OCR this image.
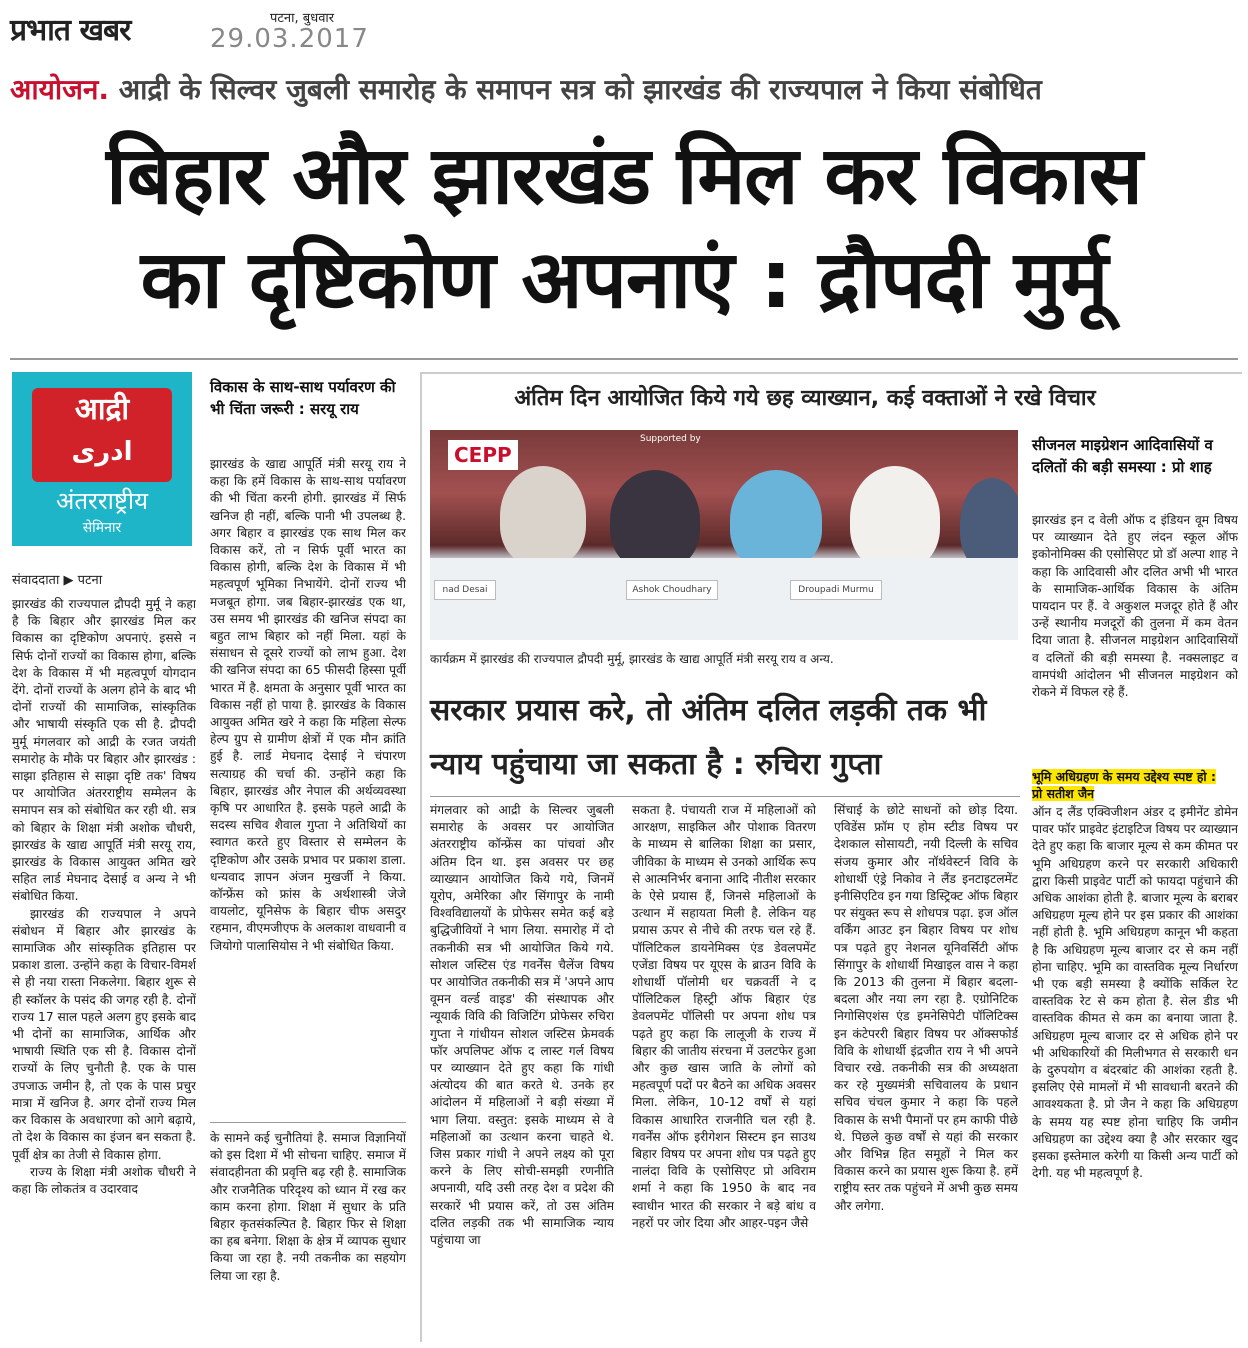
प्रभात खबर	पटना, बुधवार
29.03.2017
आयोजन. आद्री के सिल्वर जुबली समारोह के समापन सत्र को झारखंड की राज्यपाल ने किया संबोधित
बिहार और झारखंड मिल कर विकास
का दृष्टिकोण अपनाएं : द्रौपदी मुर्मू
आद्री
ادری
अंतरराष्ट्रीय
सेमिनार
संवाददाता ▶ पटना
झारखंड की राज्यपाल द्रौपदी मुर्मू ने कहा है कि बिहार और झारखंड मिल कर विकास का दृष्टिकोण अपनाएं. इससे न सिर्फ दोनों राज्यों का विकास होगा, बल्कि देश के विकास में भी महत्वपूर्ण योगदान देंगे. दोनों राज्यों के अलग होने के बाद भी दोनों राज्यों की सामाजिक, सांस्कृतिक और भाषायी संस्कृति एक सी है. द्रौपदी मुर्मू मंगलवार को आद्री के रजत जयंती समारोह के मौके पर बिहार और झारखंड : साझा इतिहास से साझा दृष्टि तक' विषय पर आयोजित अंतरराष्ट्रीय सम्मेलन के समापन सत्र को संबोधित कर रही थी. सत्र को बिहार के शिक्षा मंत्री अशोक चौधरी, झारखंड के खाद्य आपूर्ति मंत्री सरयू राय, झारखंड के विकास आयुक्त अमित खरे सहित लार्ड मेघनाद देसाई व अन्य ने भी संबोधित किया.
झारखंड की राज्यपाल ने अपने संबोधन में बिहार और झारखंड के सामाजिक और सांस्कृतिक इतिहास पर प्रकाश डाला. उन्होंने कहा के विचार-विमर्श से ही नया रास्ता निकलेगा. बिहार शुरू से ही स्कॉलर के पसंद की जगह रही है. दोनों राज्य 17 साल पहले अलग हुए इसके बाद भी दोनों का सामाजिक, आर्थिक और भाषायी स्थिति एक सी है. विकास दोनों राज्यों के लिए चुनौती है. एक के पास उपजाऊ जमीन है, तो एक के पास प्रचुर मात्रा में खनिज है. अगर दोनों राज्य मिल कर विकास के अवधारणा को आगे बढ़ाये, तो देश के विकास का इंजन बन सकता है. पूर्वी क्षेत्र का तेजी से विकास होगा.
राज्य के शिक्षा मंत्री अशोक चौधरी ने कहा कि लोकतंत्र व उदारवाद
विकास के साथ-साथ पर्यावरण की भी चिंता जरूरी : सरयू राय
झारखंड के खाद्य आपूर्ति मंत्री सरयू राय ने कहा कि हमें विकास के साथ-साथ पर्यावरण की भी चिंता करनी होगी. झारखंड में सिर्फ खनिज ही नहीं, बल्कि पानी भी उपलब्ध है. अगर बिहार व झारखंड एक साथ मिल कर विकास करें, तो न सिर्फ पूर्वी भारत का विकास होगी, बल्कि देश के विकास में भी महत्वपूर्ण भूमिका निभायेंगे. दोनों राज्य भी मजबूत होगा. जब बिहार-झारखंड एक था, उस समय भी झारखंड की खनिज संपदा का बहुत लाभ बिहार को नहीं मिला. यहां के संसाधन से दूसरे राज्यों को लाभ हुआ. देश की खनिज संपदा का 65 फीसदी हिस्सा पूर्वी भारत में है. क्षमता के अनुसार पूर्वी भारत का विकास नहीं हो पाया है. झारखंड के विकास आयुक्त अमित खरे ने कहा कि महिला सेल्फ हेल्प ग्रुप से ग्रामीण क्षेत्रों में एक मौन क्रांति हुई है. लार्ड मेघनाद देसाई ने चंपारण सत्याग्रह की चर्चा की. उन्होंने कहा कि बिहार, झारखंड और नेपाल की अर्थव्यवस्था कृषि पर आधारित है. इसके पहले आद्री के सदस्य सचिव शैवाल गुप्ता ने अतिथियों का स्वागत करते हुए विस्तार से सम्मेलन के दृष्टिकोण और उसके प्रभाव पर प्रकाश डाला. धन्यवाद ज्ञापन अंजन मुखर्जी ने किया. कॉन्फ्रेंस को फ्रांस के अर्थशास्त्री जेजे वायलोट, यूनिसेफ के बिहार चीफ असदुर रहमान, वीएमजीएफ के अलकाश वाधवानी व जियोगो पालासियोस ने भी संबोधित किया.
के सामने कई चुनौतियां है. समाज विज्ञानियों को इस दिशा में भी सोचना चाहिए. समाज में संवादहीनता की प्रवृत्ति बढ़ रही है. सामाजिक और राजनैतिक परिदृश्य को ध्यान में रख कर काम करना होगा. शिक्षा में सुधार के प्रति बिहार कृतसंकल्पित है. बिहार फिर से शिक्षा का हब बनेगा. शिक्षा के क्षेत्र में व्यापक सुधार किया जा रहा है. नयी तकनीक का सहयोग लिया जा रहा है.
अंतिम दिन आयोजित किये गये छह व्याख्यान, कई वक्ताओं ने रखे विचार
CEPP
Supported by
nad Desai	Ashok Choudhary	Droupadi Murmu
कार्यक्रम में झारखंड की राज्यपाल द्रौपदी मुर्मू, झारखंड के खाद्य आपूर्ति मंत्री सरयू राय व अन्य.
सरकार प्रयास करे, तो अंतिम दलित लड़की तक भी न्याय पहुंचाया जा सकता है : रुचिरा गुप्ता
मंगलवार को आद्री के सिल्वर जुबली समारोह के अवसर पर आयोजित अंतरराष्ट्रीय कॉन्फ्रेंस का पांचवां और अंतिम दिन था. इस अवसर पर छह व्याख्यान आयोजित किये गये, जिनमें यूरोप, अमेरिका और सिंगापुर के नामी विश्वविद्यालयों के प्रोफेसर समेत कई बड़े बुद्धिजीवियों ने भाग लिया. समारोह में दो तकनीकी सत्र भी आयोजित किये गये. सोशल जस्टिस एंड गवर्नेंस चैलेंज विषय पर आयोजित तकनीकी सत्र में 'अपने आप वूमन वर्ल्ड वाइड' की संस्थापक और न्यूयार्क विवि की विजिटिंग प्रोफेसर रुचिरा गुप्ता ने गांधीयन सोशल जस्टिस फ्रेमवर्क फॉर अपलिफ्ट ऑफ द लास्ट गर्ल विषय पर व्याख्यान देते हुए कहा कि गांधी अंत्योदय की बात करते थे. उनके हर आंदोलन में महिलाओं ने बड़ी संख्या में भाग लिया. वस्तुत: इसके माध्यम से वे महिलाओं का उत्थान करना चाहते थे. जिस प्रकार गांधी ने अपने लक्ष्य को पूरा करने के लिए सोची-समझी रणनीति अपनायी, यदि उसी तरह देश व प्रदेश की सरकारें भी प्रयास करें, तो उस अंतिम दलित लड़की तक भी सामाजिक न्याय पहुंचाया जा
सकता है. पंचायती राज में महिलाओं को आरक्षण, साइकिल और पोशाक वितरण के माध्यम से बालिका शिक्षा का प्रसार, जीविका के माध्यम से उनको आर्थिक रूप से आत्मनिर्भर बनाना आदि नीतीश सरकार के ऐसे प्रयास हैं, जिनसे महिलाओं के उत्थान में सहायता मिली है. लेकिन यह प्रयास ऊपर से नीचे की तरफ चल रहे हैं. पॉलिटिकल डायनेमिक्स एंड डेवलपमेंट एजेंडा विषय पर यूएस के ब्राउन विवि के शोधार्थी पॉलोमी धर चक्रवर्ती ने द पॉलिटिकल हिस्ट्री ऑफ बिहार एंड डेवलपमेंट पॉलिसी पर अपना शोध पत्र पढ़ते हुए कहा कि लालूजी के राज्य में बिहार की जातीय संरचना में उलटफेर हुआ और कुछ खास जाति के लोगों को महत्वपूर्ण पदों पर बैठने का अधिक अवसर मिला. लेकिन, 10-12 वर्षों से यहां विकास आधारित राजनीति चल रही है. गवर्नेंस ऑफ इरीगेशन सिस्टम इन साउथ बिहार विषय पर अपना शोध पत्र पढ़ते हुए नालंदा विवि के एसोसिएट प्रो अविराम शर्मा ने कहा कि 1950 के बाद नव स्वाधीन भारत की सरकार ने बड़े बांध व नहरों पर जोर दिया और आहर-पइन जैसे
सिंचाई के छोटे साधनों को छोड़ दिया. एविडेंस फ्रॉम ए होम स्टीड विषय पर देशकाल सोसायटी, नयी दिल्ली के सचिव संजय कुमार और नॉर्थवेस्टर्न विवि के शोधार्थी एंड्रे निकोव ने लैंड इनटाइटलमेंट इनीसिएटिव इन गया डिस्ट्रिक्ट ऑफ बिहार पर संयुक्त रूप से शोधपत्र पढ़ा. इज ऑल वर्किंग आउट इन बिहार विषय पर शोध पत्र पढ़ते हुए नेशनल यूनिवर्सिटी ऑफ सिंगापुर के शोधार्थी मिखाइल वास ने कहा कि 2013 की तुलना में बिहार बदला-बदला और नया लग रहा है. एग्रोनिटिक निगोसिएशंस एंड इमनेसिपेटी पॉलिटिक्स इन कंटेपररी बिहार विषय पर ऑक्सफोर्ड विवि के शोधार्थी इंद्रजीत राय ने भी अपने विचार रखे. तकनीकी सत्र की अध्यक्षता कर रहे मुख्यमंत्री सचिवालय के प्रधान सचिव चंचल कुमार ने कहा कि पहले विकास के सभी पैमानों पर हम काफी पीछे थे. पिछले कुछ वर्षों से यहां की सरकार और विभिन्न हित समूहों ने मिल कर विकास करने का प्रयास शुरू किया है. हमें राष्ट्रीय स्तर तक पहुंचने में अभी कुछ समय और लगेगा.
सीजनल माइग्रेशन आदिवासियों व दलितों की बड़ी समस्या : प्रो शाह
झारखंड इन द वेली ऑफ द इंडियन वूम विषय पर व्याख्यान देते हुए लंदन स्कूल ऑफ इकोनोमिक्स की एसोसिएट प्रो डॉ अल्पा शाह ने कहा कि आदिवासी और दलित अभी भी भारत के सामाजिक-आर्थिक विकास के अंतिम पायदान पर हैं. वे अकुशल मजदूर होते हैं और उन्हें स्थानीय मजदूरों की तुलना में कम वेतन दिया जाता है. सीजनल माइग्रेशन आदिवासियों व दलितों की बड़ी समस्या है. नक्सलाइट व वामपंथी आंदोलन भी सीजनल माइग्रेशन को रोकने में विफल रहे हैं.
भूमि अधिग्रहण के समय उद्देश्य स्पष्ट हो : प्रो सतीश जैन
ऑन द लैंड एक्विजीशन अंडर द इमीनेंट डोमेन पावर फॉर प्राइवेट इंटाइटिज विषय पर व्याख्यान देते हुए कहा कि बाजार मूल्य से कम कीमत पर भूमि अधिग्रहण करने पर सरकारी अधिकारी द्वारा किसी प्राइवेट पार्टी को फायदा पहुंचाने की अधिक आशंका होती है. बाजार मूल्य के बराबर अधिग्रहण मूल्य होने पर इस प्रकार की आशंका नहीं होती है. भूमि अधिग्रहण कानून भी कहता है कि अधिग्रहण मूल्य बाजार दर से कम नहीं होना चाहिए. भूमि का वास्तविक मूल्य निर्धारण भी एक बड़ी समस्या है क्योंकि सर्किल रेट वास्तविक रेट से कम होता है. सेल डीड भी वास्तविक कीमत से कम का बनाया जाता है. अधिग्रहण मूल्य बाजार दर से अधिक होने पर भी अधिकारियों की मिलीभगत से सरकारी धन के दुरुपयोग व बंदरबांट की आशंका रहती है. इसलिए ऐसे मामलों में भी सावधानी बरतने की आवश्यकता है. प्रो जैन ने कहा कि अधिग्रहण के समय यह स्पष्ट होना चाहिए कि जमीन अधिग्रहण का उद्देश्य क्या है और सरकार खुद इसका इस्तेमाल करेगी या किसी अन्य पार्टी को देगी. यह भी महत्वपूर्ण है.
